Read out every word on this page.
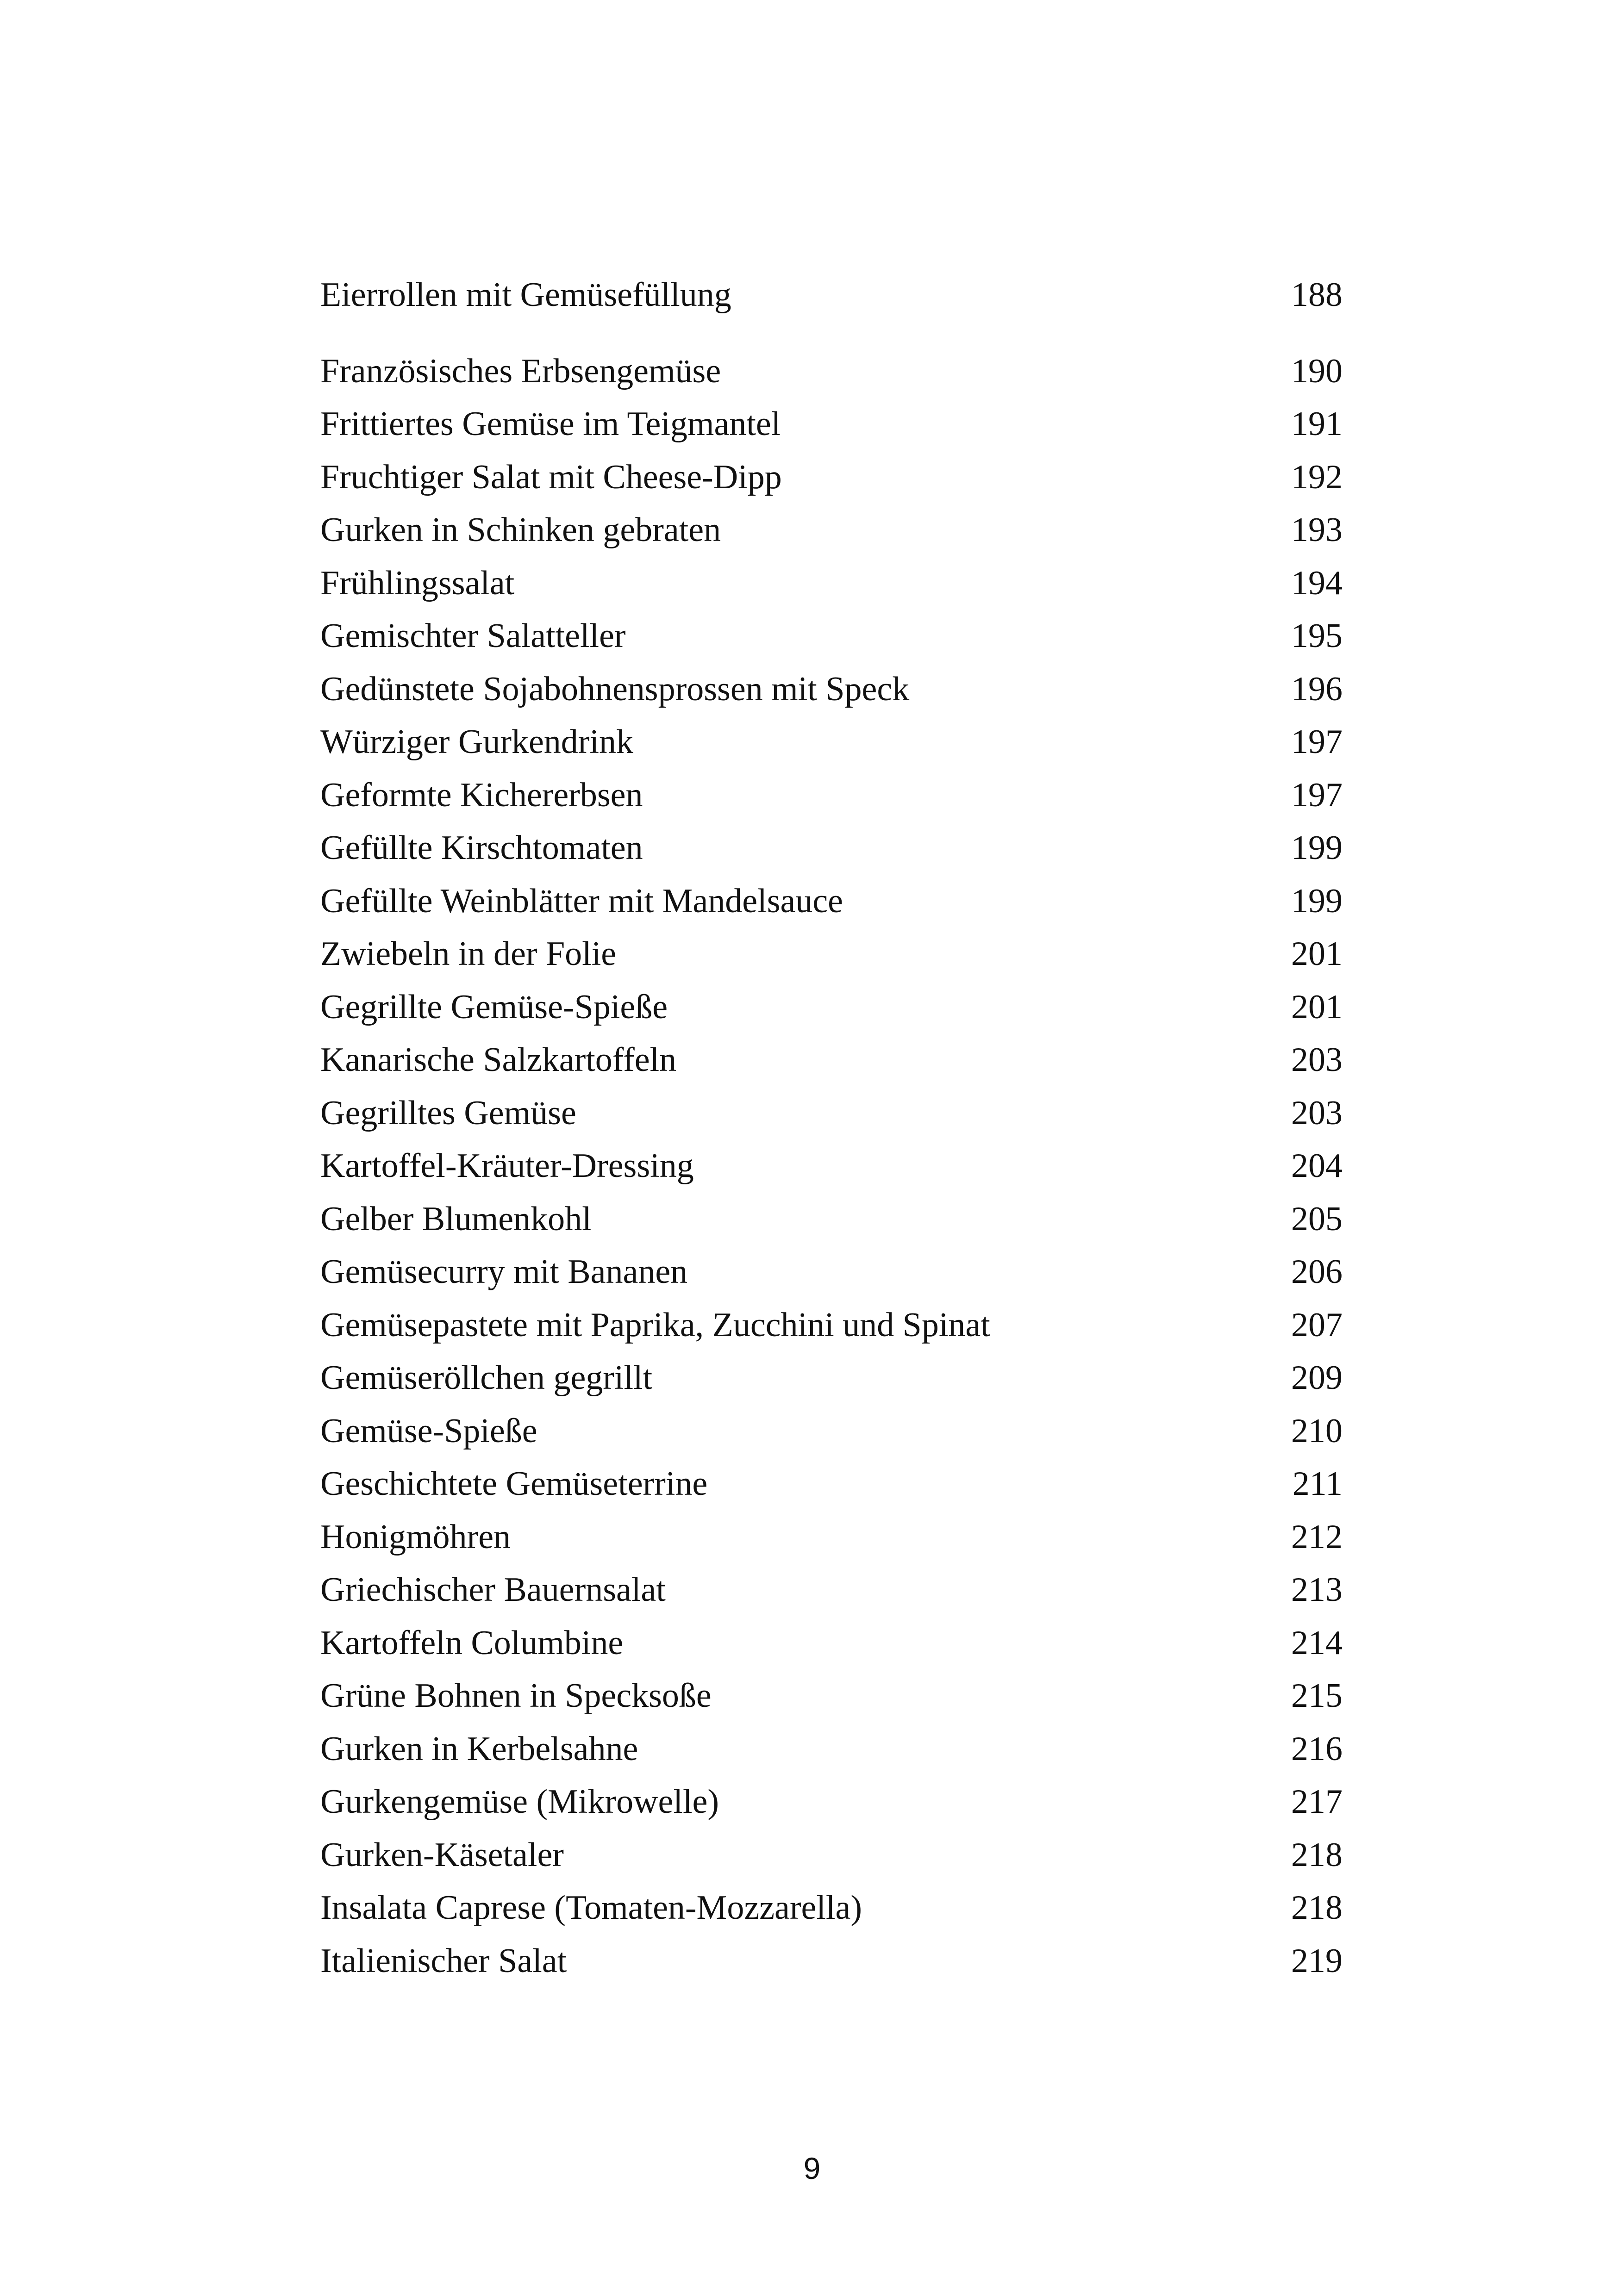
Eierrollen mit Gemüsefüllung	188
Französisches Erbsengemüse	190
Frittiertes Gemüse im Teigmantel	191
Fruchtiger Salat mit Cheese-Dipp	192
Gurken in Schinken gebraten	193
Frühlingssalat	194
Gemischter Salatteller	195
Gedünstete Sojabohnensprossen mit Speck	196
Würziger Gurkendrink	197
Geformte Kichererbsen	197
Gefüllte Kirschtomaten	199
Gefüllte Weinblätter mit Mandelsauce	199
Zwiebeln in der Folie	201
Gegrillte Gemüse-Spieße	201
Kanarische Salzkartoffeln	203
Gegrilltes Gemüse	203
Kartoffel-Kräuter-Dressing	204
Gelber Blumenkohl	205
Gemüsecurry mit Bananen	206
Gemüsepastete mit Paprika, Zucchini und Spinat	207
Gemüseröllchen gegrillt	209
Gemüse-Spieße	210
Geschichtete Gemüseterrine	211
Honigmöhren	212
Griechischer Bauernsalat	213
Kartoffeln Columbine	214
Grüne Bohnen in Specksoße	215
Gurken in Kerbelsahne	216
Gurkengemüse (Mikrowelle)	217
Gurken-Käsetaler	218
Insalata Caprese (Tomaten-Mozzarella)	218
Italienischer Salat	219
9
